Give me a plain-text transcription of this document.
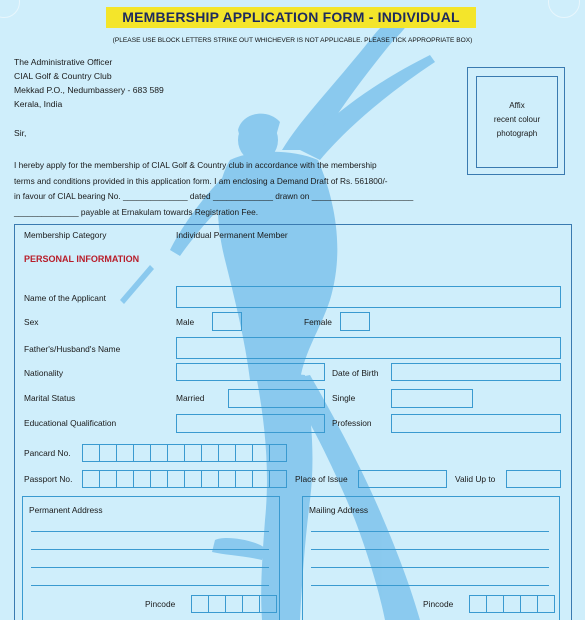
MEMBERSHIP APPLICATION FORM - INDIVIDUAL
(PLEASE USE BLOCK LETTERS STRIKE OUT WHICHEVER IS NOT APPLICABLE. PLEASE TICK APPROPRIATE BOX)
The Administrative Officer
CIAL Golf & Country Club
Mekkad P.O., Nedumbassery - 683 589
Kerala, India
Sir,
I hereby apply for the membership of CIAL Golf & Country club in accordance with the membership
terms and conditions provided in this application form. I am enclosing a Demand Draft of Rs. 561800/-
in favour of CIAL bearing No. ______________ dated _____________ drawn on ______________________
______________ payable at Ernakulam towards Registration Fee.
Affix
recent colour
photograph
Membership Category	Individual Permanent Member
PERSONAL INFORMATION
Name of the Applicant
Sex	Male	Female
Father's/Husband's Name
Nationality	Date of Birth
Marital Status	Married	Single
Educational Qualification	Profession
Pancard No.
Passport No.	Place of Issue	Valid Up to
Permanent Address
Pincode
Mailing Address
Pincode
